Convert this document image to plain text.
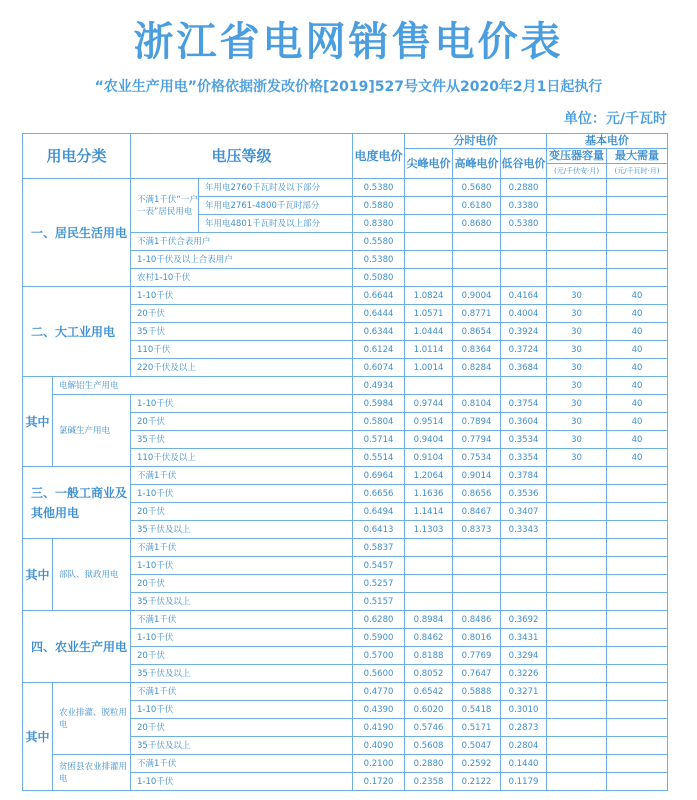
浙江省电网销售电价表
“农业生产用电”价格依据浙发改价格[2019]527号文件从2020年2月1日起执行
单位：元/千瓦时
用电分类		电压等级		电度电价	分时电价			基本电价	
					尖峰电价	高峰电价	低谷电价	变压器容量	最大需量
								(元/千伏安·月)	(元/千瓦时·月)
一、居民生活用电		不满1千伏“一户一表”居民用电	年用电2760千瓦时及以下部分	0.5380		0.5680	0.2880		
			年用电2761-4800千瓦时部分	0.5880		0.6180	0.3380		
			年用电4801千瓦时及以上部分	0.8380		0.8680	0.5380		
		不满1千伏合表用户		0.5580					
		1-10千伏及以上合表用户		0.5380					
		农村1-10千伏		0.5080					
二、大工业用电		1-10千伏		0.6644	1.0824	0.9004	0.4164	30	40
		20千伏		0.6444	1.0571	0.8771	0.4004	30	40
		35千伏		0.6344	1.0444	0.8654	0.3924	30	40
		110千伏		0.6124	1.0114	0.8364	0.3724	30	40
		220千伏及以上		0.6074	1.0014	0.8284	0.3684	30	40
其中	电解铝生产用电			0.4934				30	40
	氯碱生产用电	1-10千伏		0.5984	0.9744	0.8104	0.3754	30	40
		20千伏		0.5804	0.9514	0.7894	0.3604	30	40
		35千伏		0.5714	0.9404	0.7794	0.3534	30	40
		110千伏及以上		0.5514	0.9104	0.7534	0.3354	30	40
三、一般工商业及其他用电		不满1千伏		0.6964	1.2064	0.9014	0.3784		
		1-10千伏		0.6656	1.1636	0.8656	0.3536		
		20千伏		0.6494	1.1414	0.8467	0.3407		
		35千伏及以上		0.6413	1.1303	0.8373	0.3343		
其中	部队、狱政用电	不满1千伏		0.5837					
		1-10千伏		0.5457					
		20千伏		0.5257					
		35千伏及以上		0.5157					
四、农业生产用电		不满1千伏		0.6280	0.8984	0.8486	0.3692		
		1-10千伏		0.5900	0.8462	0.8016	0.3431		
		20千伏		0.5700	0.8188	0.7769	0.3294		
		35千伏及以上		0.5600	0.8052	0.7647	0.3226		
其中	农业排灌、脱粒用电	不满1千伏		0.4770	0.6542	0.5888	0.3271		
		1-10千伏		0.4390	0.6020	0.5418	0.3010		
		20千伏		0.4190	0.5746	0.5171	0.2873		
		35千伏及以上		0.4090	0.5608	0.5047	0.2804		
	贫困县农业排灌用电	不满1千伏		0.2100	0.2880	0.2592	0.1440		
		1-10千伏		0.1720	0.2358	0.2122	0.1179		
